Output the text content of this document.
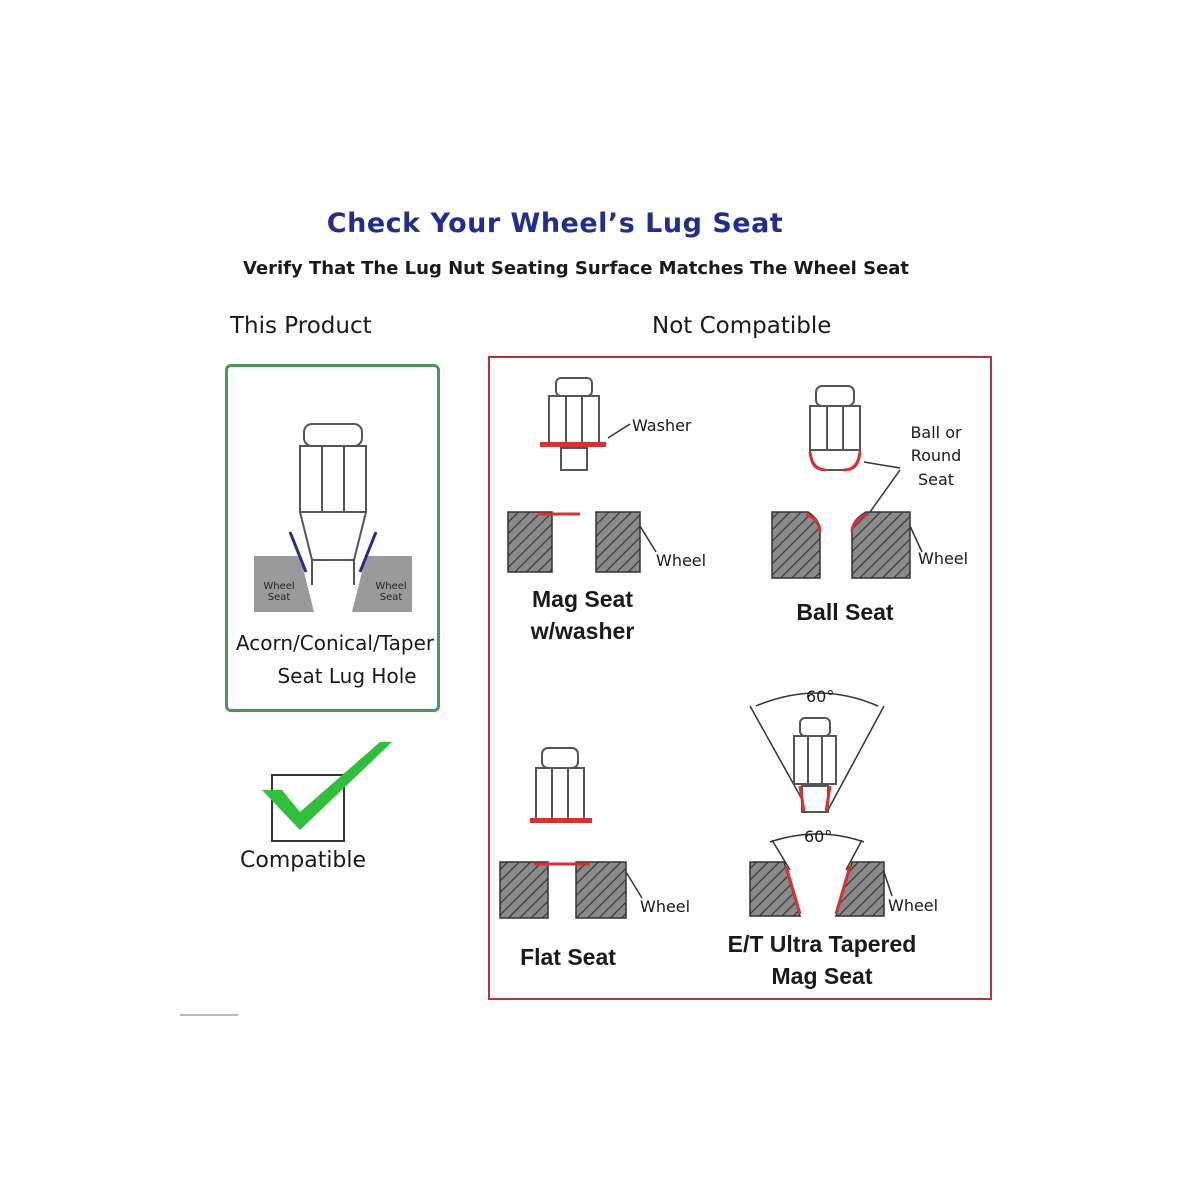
Check Your Wheel’s Lug Seat
Verify That The Lug Nut Seating Surface Matches The Wheel Seat
This Product	Not Compatible
Wheel Seat
Wheel Seat
Acorn/Conical/Taper
Seat Lug Hole
Compatible
Washer
Wheel
Mag Seat
w/washer
Ball or
Round
Seat
Wheel
Ball Seat
Wheel
Flat Seat
60°
60°
Wheel
E/T Ultra Tapered
Mag Seat
